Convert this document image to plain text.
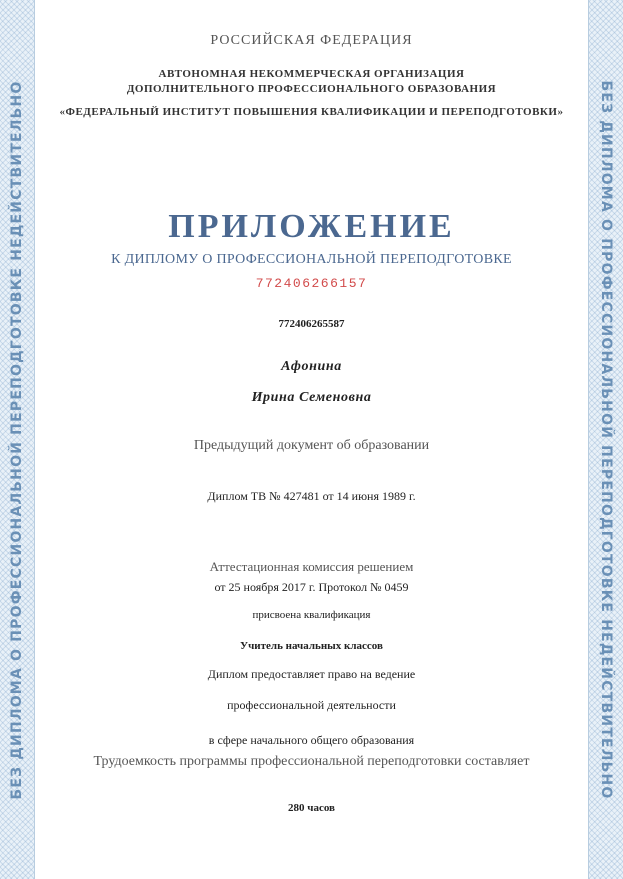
БЕЗ ДИПЛОМА О ПРОФЕССИОНАЛЬНОЙ ПЕРЕПОДГОТОВКЕ НЕДЕЙСТВИТЕЛЬНО	БЕЗ ДИПЛОМА О ПРОФЕССИОНАЛЬНОЙ ПЕРЕПОДГОТОВКЕ НЕДЕЙСТВИТЕЛЬНО
РОССИЙСКАЯ ФЕДЕРАЦИЯ
АВТОНОМНАЯ НЕКОММЕРЧЕСКАЯ ОРГАНИЗАЦИЯ
ДОПОЛНИТЕЛЬНОГО ПРОФЕССИОНАЛЬНОГО ОБРАЗОВАНИЯ
«ФЕДЕРАЛЬНЫЙ ИНСТИТУТ ПОВЫШЕНИЯ КВАЛИФИКАЦИИ И ПЕРЕПОДГОТОВКИ»
ПРИЛОЖЕНИЕ
К ДИПЛОМУ О ПРОФЕССИОНАЛЬНОЙ ПЕРЕПОДГОТОВКЕ
772406266157
772406265587
Афонина
Ирина Семеновна
Предыдущий документ об образовании
Диплом ТВ № 427481 от 14 июня 1989 г.
Аттестационная комиссия решением
от 25 ноября 2017 г. Протокол № 0459
присвоена квалификация
Учитель начальных классов
Диплом предоставляет право на ведение
профессиональной деятельности
в сфере начального общего образования
Трудоемкость программы профессиональной переподготовки составляет
280 часов
